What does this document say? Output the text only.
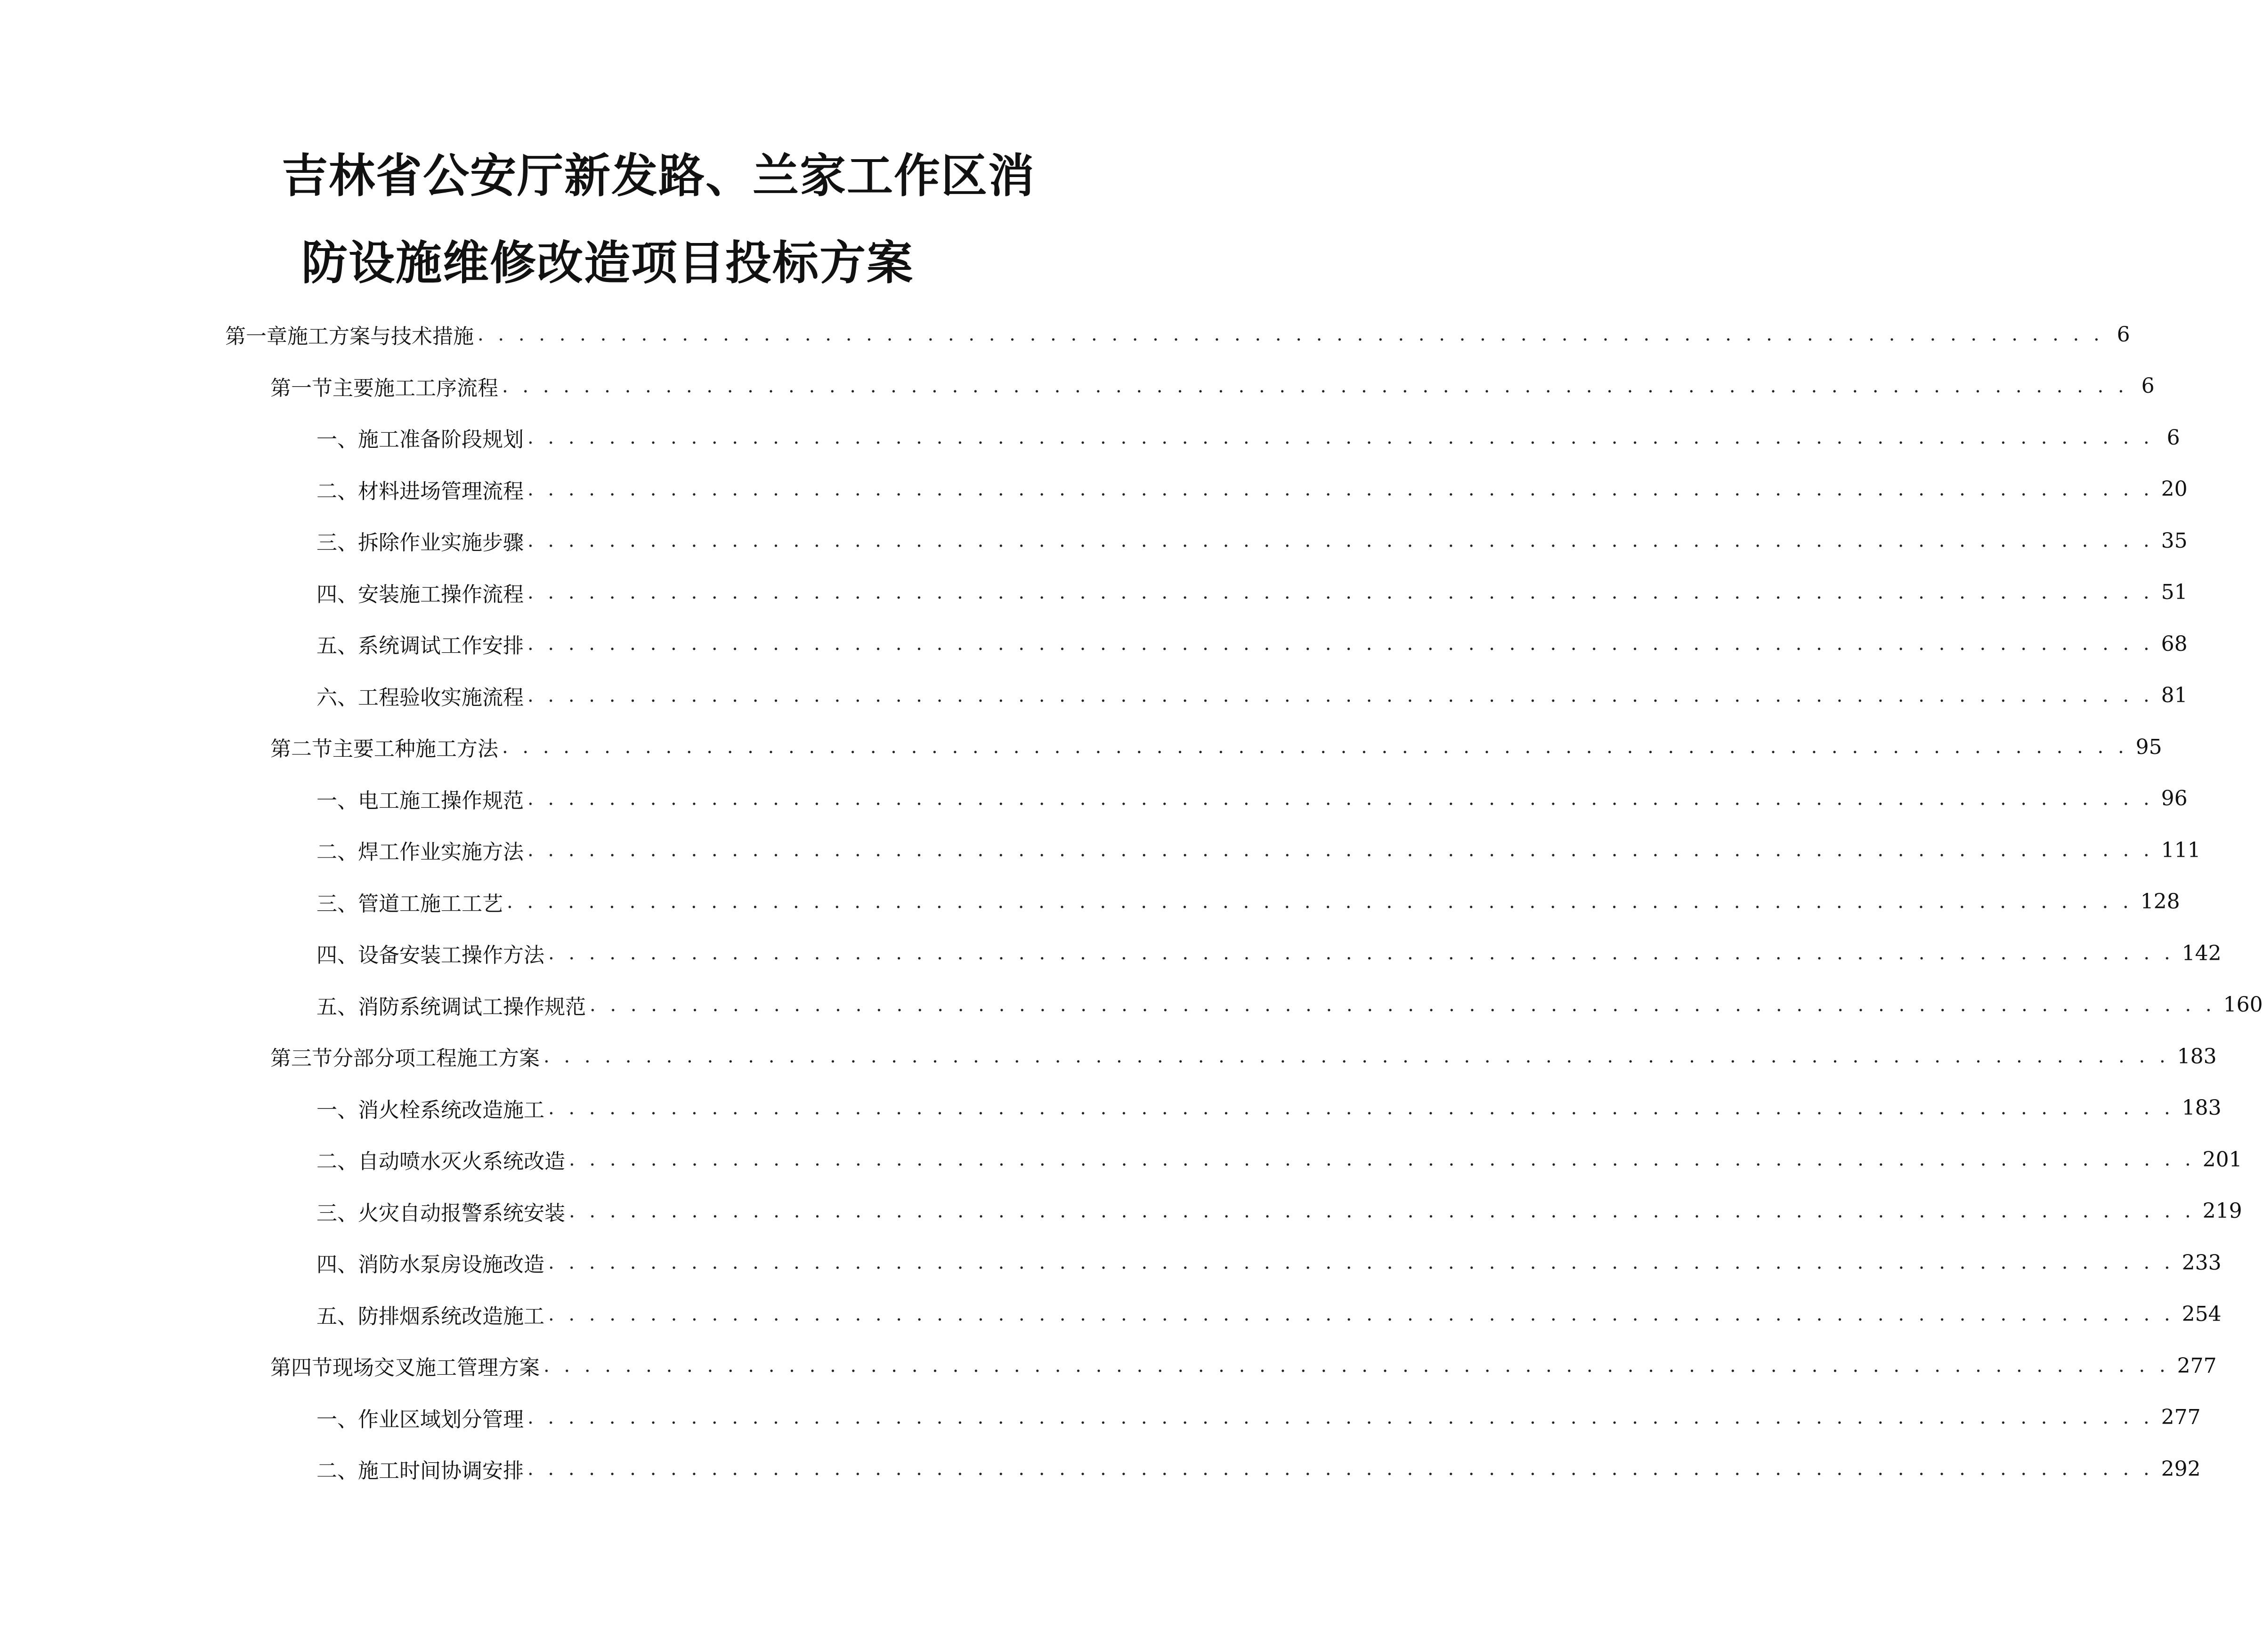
吉林省公安厅新发路、兰家工作区消
防设施维修改造项目投标方案
第一章 施工方案与技术措施 . . . . . . . . . . . . . . . . . . . . . . . . . . . . . . . . . . . . . . . . . . . . . . . . . . . . . . . . . . . . . . . . . . . . . . . . . . . . . . . . 6
第一节 主要施工工序流程 . . . . . . . . . . . . . . . . . . . . . . . . . . . . . . . . . . . . . . . . . . . . . . . . . . . . . . . . . . . . . . . . . . . . . . . . . . . . . . . . 6
一、 施工准备阶段规划 . . . . . . . . . . . . . . . . . . . . . . . . . . . . . . . . . . . . . . . . . . . . . . . . . . . . . . . . . . . . . . . . . . . . . . . . . . . . . . . . 6
二、 材料进场管理流程 . . . . . . . . . . . . . . . . . . . . . . . . . . . . . . . . . . . . . . . . . . . . . . . . . . . . . . . . . . . . . . . . . . . . . . . . . . . . . . . . 20
三、 拆除作业实施步骤 . . . . . . . . . . . . . . . . . . . . . . . . . . . . . . . . . . . . . . . . . . . . . . . . . . . . . . . . . . . . . . . . . . . . . . . . . . . . . . . . 35
四、 安装施工操作流程 . . . . . . . . . . . . . . . . . . . . . . . . . . . . . . . . . . . . . . . . . . . . . . . . . . . . . . . . . . . . . . . . . . . . . . . . . . . . . . . . 51
五、 系统调试工作安排 . . . . . . . . . . . . . . . . . . . . . . . . . . . . . . . . . . . . . . . . . . . . . . . . . . . . . . . . . . . . . . . . . . . . . . . . . . . . . . . . 68
六、 工程验收实施流程 . . . . . . . . . . . . . . . . . . . . . . . . . . . . . . . . . . . . . . . . . . . . . . . . . . . . . . . . . . . . . . . . . . . . . . . . . . . . . . . . 81
第二节 主要工种施工方法 . . . . . . . . . . . . . . . . . . . . . . . . . . . . . . . . . . . . . . . . . . . . . . . . . . . . . . . . . . . . . . . . . . . . . . . . . . . . . . . . 95
一、 电工施工操作规范 . . . . . . . . . . . . . . . . . . . . . . . . . . . . . . . . . . . . . . . . . . . . . . . . . . . . . . . . . . . . . . . . . . . . . . . . . . . . . . . . 96
二、 焊工作业实施方法 . . . . . . . . . . . . . . . . . . . . . . . . . . . . . . . . . . . . . . . . . . . . . . . . . . . . . . . . . . . . . . . . . . . . . . . . . . . . . . . . 111
三、 管道工施工工艺 . . . . . . . . . . . . . . . . . . . . . . . . . . . . . . . . . . . . . . . . . . . . . . . . . . . . . . . . . . . . . . . . . . . . . . . . . . . . . . . . 128
四、 设备安装工操作方法 . . . . . . . . . . . . . . . . . . . . . . . . . . . . . . . . . . . . . . . . . . . . . . . . . . . . . . . . . . . . . . . . . . . . . . . . . . . . . . . . 142
五、 消防系统调试工操作规范 . . . . . . . . . . . . . . . . . . . . . . . . . . . . . . . . . . . . . . . . . . . . . . . . . . . . . . . . . . . . . . . . . . . . . . . . . . . . . . . . 160
第三节 分部分项工程施工方案 . . . . . . . . . . . . . . . . . . . . . . . . . . . . . . . . . . . . . . . . . . . . . . . . . . . . . . . . . . . . . . . . . . . . . . . . . . . . . . . . 183
一、 消火栓系统改造施工 . . . . . . . . . . . . . . . . . . . . . . . . . . . . . . . . . . . . . . . . . . . . . . . . . . . . . . . . . . . . . . . . . . . . . . . . . . . . . . . . 183
二、 自动喷水灭火系统改造 . . . . . . . . . . . . . . . . . . . . . . . . . . . . . . . . . . . . . . . . . . . . . . . . . . . . . . . . . . . . . . . . . . . . . . . . . . . . . . . . 201
三、 火灾自动报警系统安装 . . . . . . . . . . . . . . . . . . . . . . . . . . . . . . . . . . . . . . . . . . . . . . . . . . . . . . . . . . . . . . . . . . . . . . . . . . . . . . . . 219
四、 消防水泵房设施改造 . . . . . . . . . . . . . . . . . . . . . . . . . . . . . . . . . . . . . . . . . . . . . . . . . . . . . . . . . . . . . . . . . . . . . . . . . . . . . . . . 233
五、 防排烟系统改造施工 . . . . . . . . . . . . . . . . . . . . . . . . . . . . . . . . . . . . . . . . . . . . . . . . . . . . . . . . . . . . . . . . . . . . . . . . . . . . . . . . 254
第四节 现场交叉施工管理方案 . . . . . . . . . . . . . . . . . . . . . . . . . . . . . . . . . . . . . . . . . . . . . . . . . . . . . . . . . . . . . . . . . . . . . . . . . . . . . . . . 277
一、 作业区域划分管理 . . . . . . . . . . . . . . . . . . . . . . . . . . . . . . . . . . . . . . . . . . . . . . . . . . . . . . . . . . . . . . . . . . . . . . . . . . . . . . . . 277
二、 施工时间协调安排 . . . . . . . . . . . . . . . . . . . . . . . . . . . . . . . . . . . . . . . . . . . . . . . . . . . . . . . . . . . . . . . . . . . . . . . . . . . . . . . . 292
